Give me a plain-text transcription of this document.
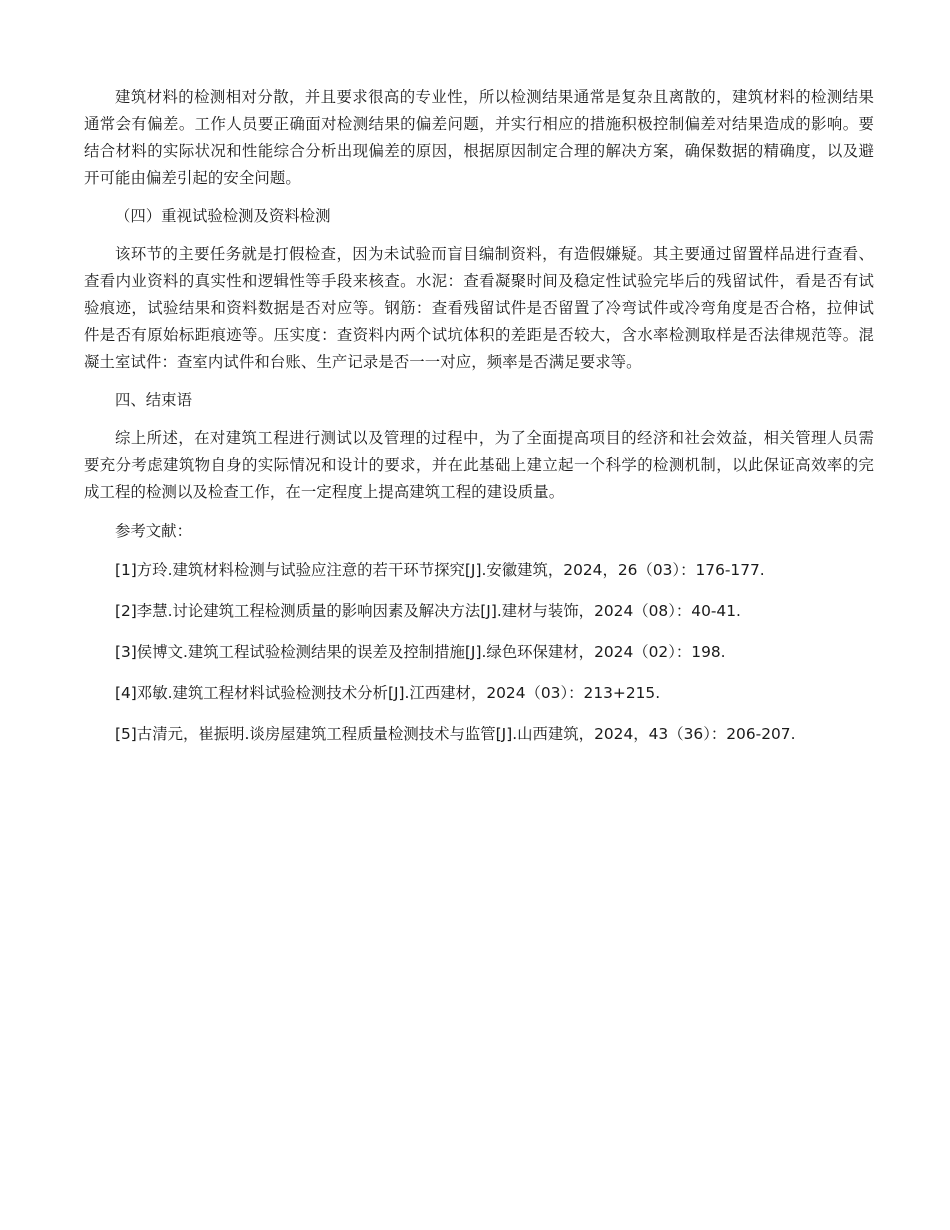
建筑材料的检测相对分散，并且要求很高的专业性，所以检测结果通常是复杂且离散的，建筑材料的检测结果通常会有偏差。工作人员要正确面对检测结果的偏差问题，并实行相应的措施积极控制偏差对结果造成的影响。要结合材料的实际状况和性能综合分析出现偏差的原因，根据原因制定合理的解决方案，确保数据的精确度，以及避开可能由偏差引起的安全问题。

（四）重视试验检测及资料检测

该环节的主要任务就是打假检查，因为未试验而盲目编制资料，有造假嫌疑。其主要通过留置样品进行查看、查看内业资料的真实性和逻辑性等手段来核查。水泥：查看凝聚时间及稳定性试验完毕后的残留试件，看是否有试验痕迹，试验结果和资料数据是否对应等。钢筋：查看残留试件是否留置了冷弯试件或冷弯角度是否合格，拉伸试件是否有原始标距痕迹等。压实度：查资料内两个试坑体积的差距是否较大，含水率检测取样是否法律规范等。混凝土室试件：查室内试件和台账、生产记录是否一一对应，频率是否满足要求等。

四、结束语

综上所述，在对建筑工程进行测试以及管理的过程中，为了全面提高项目的经济和社会效益，相关管理人员需要充分考虑建筑物自身的实际情况和设计的要求，并在此基础上建立起一个科学的检测机制，以此保证高效率的完成工程的检测以及检查工作，在一定程度上提高建筑工程的建设质量。

参考文献：

[1]方玲.建筑材料检测与试验应注意的若干环节探究[J].安徽建筑，2024，26（03）：176-177.
[2]李慧.讨论建筑工程检测质量的影响因素及解决方法[J].建材与装饰，2024（08）：40-41.
[3]侯博文.建筑工程试验检测结果的误差及控制措施[J].绿色环保建材，2024（02）：198.
[4]邓敏.建筑工程材料试验检测技术分析[J].江西建材，2024（03）：213+215.
[5]古清元，崔振明.谈房屋建筑工程质量检测技术与监管[J].山西建筑，2024，43（36）：206-207.
